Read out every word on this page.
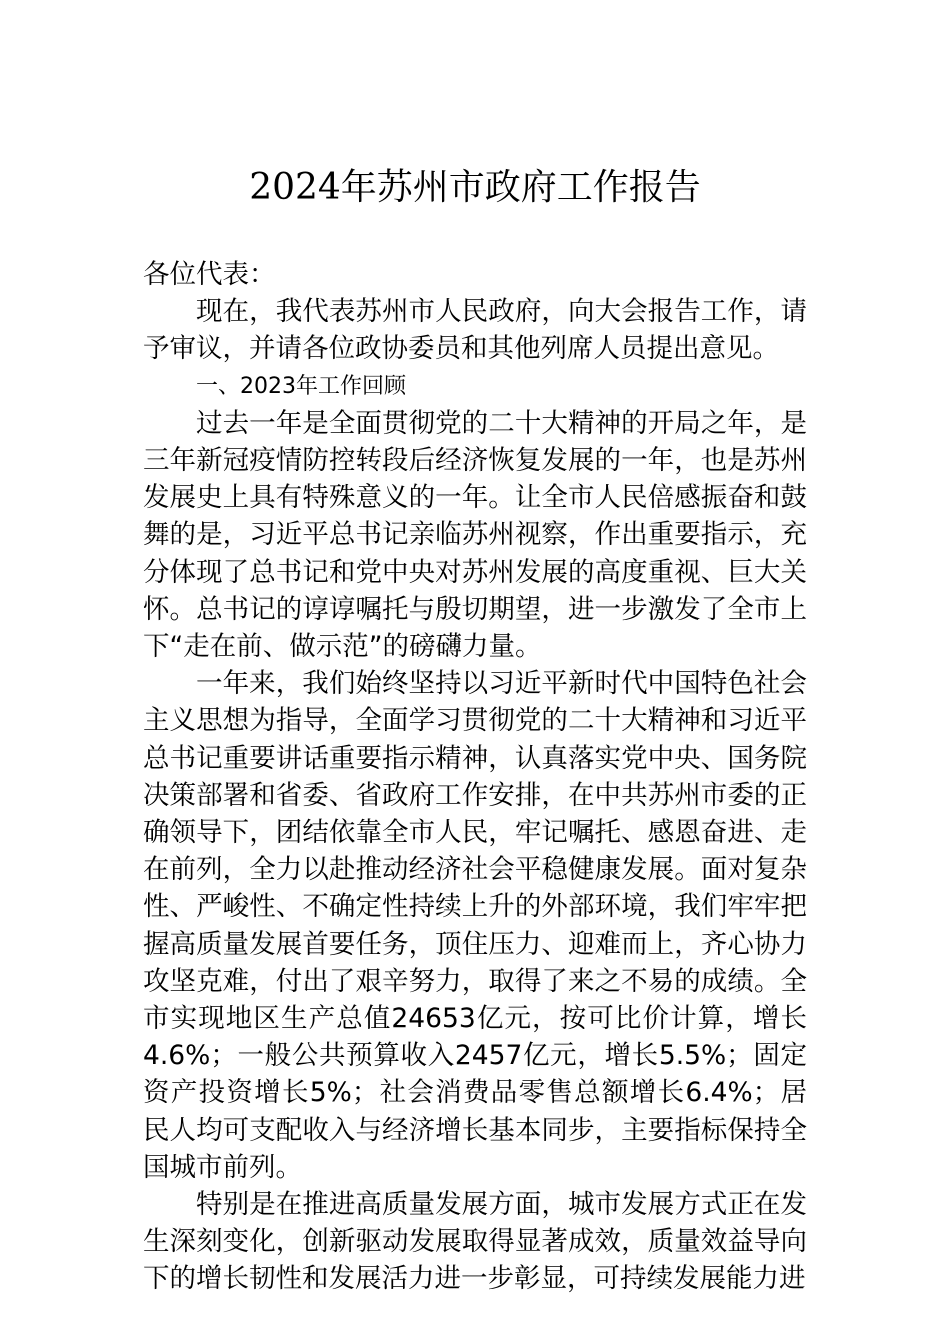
2024年苏州市政府工作报告

各位代表：

现在，我代表苏州市人民政府，向大会报告工作，请予审议，并请各位政协委员和其他列席人员提出意见。

一、2023年工作回顾

过去一年是全面贯彻党的二十大精神的开局之年，是三年新冠疫情防控转段后经济恢复发展的一年，也是苏州发展史上具有特殊意义的一年。让全市人民倍感振奋和鼓舞的是，习近平总书记亲临苏州视察，作出重要指示，充分体现了总书记和党中央对苏州发展的高度重视、巨大关怀。总书记的谆谆嘱托与殷切期望，进一步激发了全市上下“走在前、做示范”的磅礴力量。

一年来，我们始终坚持以习近平新时代中国特色社会主义思想为指导，全面学习贯彻党的二十大精神和习近平总书记重要讲话重要指示精神，认真落实党中央、国务院决策部署和省委、省政府工作安排，在中共苏州市委的正确领导下，团结依靠全市人民，牢记嘱托、感恩奋进、走在前列，全力以赴推动经济社会平稳健康发展。面对复杂性、严峻性、不确定性持续上升的外部环境，我们牢牢把握高质量发展首要任务，顶住压力、迎难而上，齐心协力攻坚克难，付出了艰辛努力，取得了来之不易的成绩。全市实现地区生产总值24653亿元，按可比价计算，增长4.6%；一般公共预算收入2457亿元，增长5.5%；固定资产投资增长5%；社会消费品零售总额增长6.4%；居民人均可支配收入与经济增长基本同步，主要指标保持全国城市前列。

特别是在推进高质量发展方面，城市发展方式正在发生深刻变化，创新驱动发展取得显著成效，质量效益导向下的增长韧性和发展活力进一步彰显，可持续发展能力进
